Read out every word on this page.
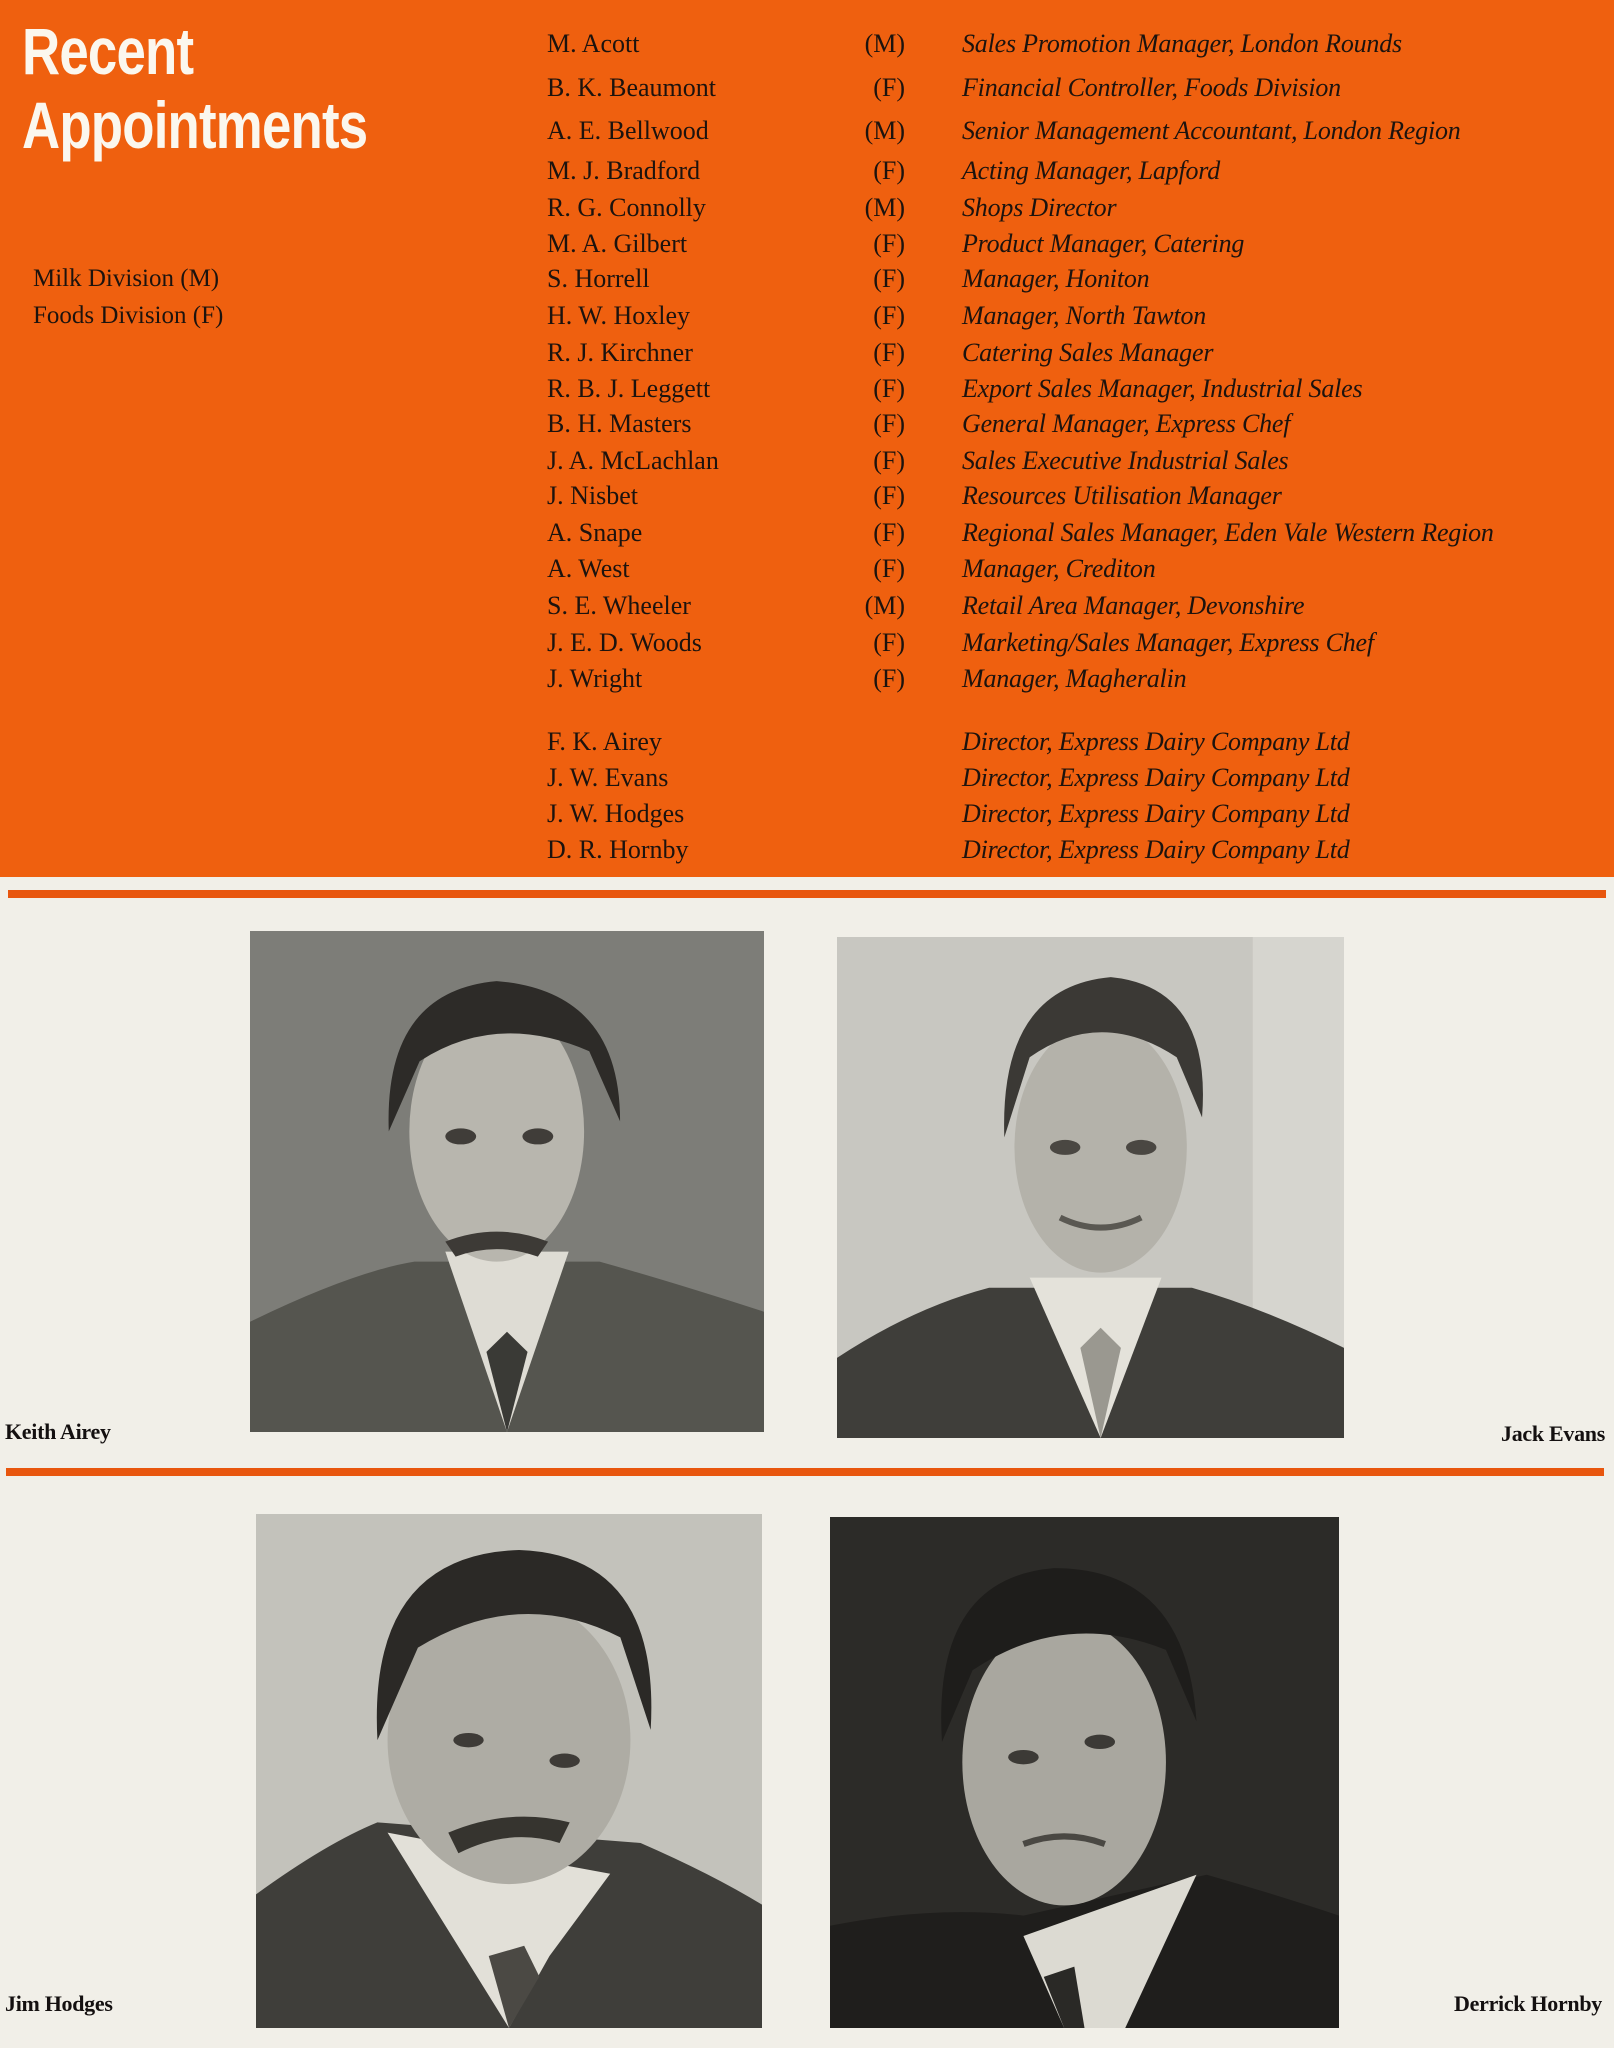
Recent
Appointments
Milk Division (M)
Foods Division (F)
M. Acott	(M) Sales Promotion Manager, London Rounds
B. K. Beaumont	(F) Financial Controller, Foods Division
A. E. Bellwood	(M) Senior Management Accountant, London Region
M. J. Bradford	(F) Acting Manager, Lapford
R. G. Connolly	(M) Shops Director
M. A. Gilbert	(F) Product Manager, Catering
S. Horrell	(F) Manager, Honiton
H. W. Hoxley	(F) Manager, North Tawton
R. J. Kirchner	(F) Catering Sales Manager
R. B. J. Leggett	(F) Export Sales Manager, Industrial Sales
B. H. Masters	(F) General Manager, Express Chef
J. A. McLachlan	(F) Sales Executive Industrial Sales
J. Nisbet	(F) Resources Utilisation Manager
A. Snape	(F) Regional Sales Manager, Eden Vale Western Region
A. West	(F) Manager, Crediton
S. E. Wheeler	(M) Retail Area Manager, Devonshire
J. E. D. Woods	(F) Marketing/Sales Manager, Express Chef
J. Wright	(F) Manager, Magheralin
F. K. Airey	Director, Express Dairy Company Ltd
J. W. Evans	Director, Express Dairy Company Ltd
J. W. Hodges	Director, Express Dairy Company Ltd
D. R. Hornby	Director, Express Dairy Company Ltd
Keith Airey	Jack Evans
Jim Hodges	Derrick Hornby
